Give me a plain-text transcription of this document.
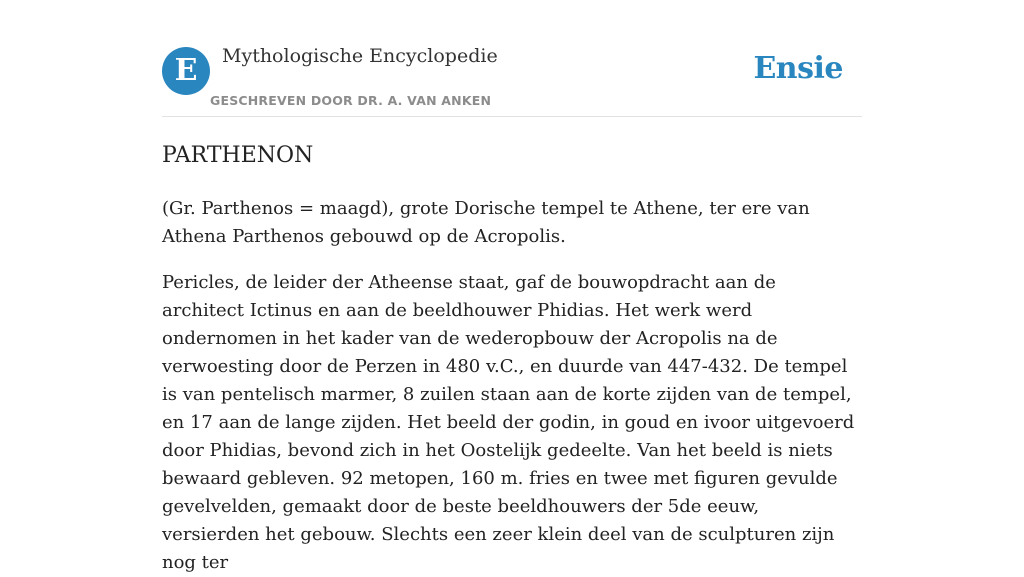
E	Mythologische Encyclopedie
GESCHREVEN DOOR DR. A. VAN ANKEN
Ensie
PARTHENON

(Gr. Parthenos = maagd), grote Dorische tempel te Athene, ter ere van Athena Parthenos gebouwd op de Acropolis.

Pericles, de leider der Atheense staat, gaf de bouwopdracht aan de architect Ictinus en aan de beeldhouwer Phidias. Het werk werd ondernomen in het kader van de wederopbouw der Acropolis na de verwoesting door de Perzen in 480 v.C., en duurde van 447-432. De tempel is van pentelisch marmer, 8 zuilen staan aan de korte zijden van de tempel, en 17 aan de lange zijden. Het beeld der godin, in goud en ivoor uitgevoerd door Phidias, bevond zich in het Oostelijk gedeelte. Van het beeld is niets bewaard gebleven. 92 metopen, 160 m. fries en twee met figuren gevulde gevelvelden, gemaakt door de beste beeldhouwers der 5de eeuw, versierden het gebouw. Slechts een zeer klein deel van de sculpturen zijn nog ter
